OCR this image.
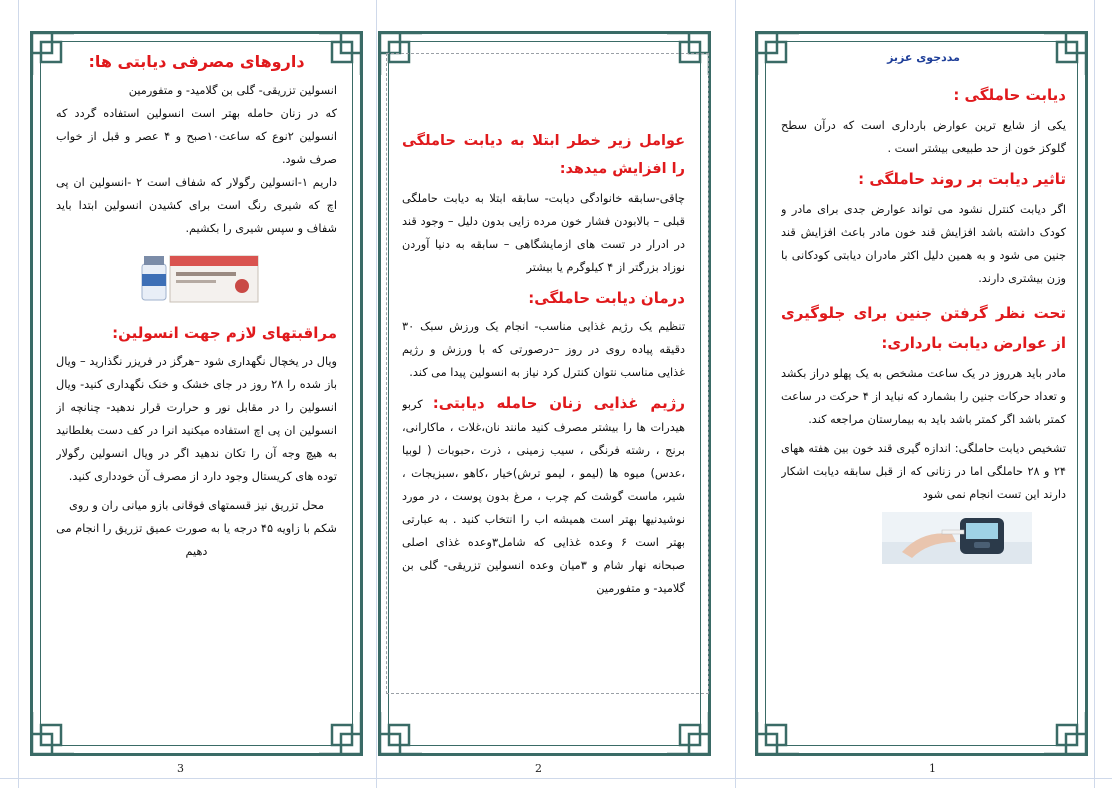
داروهای مصرفی دیابتی ها:
انسولین تزریقی- گلی بن گلامید- و متفورمین
که در زنان حامله بهتر است انسولین استفاده گردد که انسولین ۲نوع که ساعت۱۰صبح و ۴ عصر و قبل از خواب صرف شود.
داریم ۱-انسولین رگولار که شفاف است ۲ -انسولین ان پی اچ که شیری رنگ است برای کشیدن انسولین ابتدا باید شفاف و سپس شیری را بکشیم.
مراقبتهای لازم جهت انسولین:
ویال در یخچال نگهداری شود –هرگز در فریزر نگذارید – ویال باز شده را ۲۸ روز در جای خشک و خنک نگهداری کنید- ویال انسولین را در مقابل نور و حرارت قرار ندهید- چنانچه از انسولین ان پی اچ استفاده میکنید انرا در کف دست بغلطانید به هیچ وجه آن را تکان ندهید اگر در ویال انسولین رگولار توده های کریستال وجود دارد از مصرف آن خودداری کنید.
محل تزریق نیز قسمتهای فوقانی بازو میانی ران و روی شکم با زاویه ۴۵ درجه یا به صورت عمیق تزریق را انجام می دهیم
3
عوامل زیر خطر ابتلا به دیابت حاملگی را افزایش میدهد:
چاقی-سابقه خانوادگی دیابت- سابقه ابتلا به دیابت حاملگی قبلی – بالابودن فشار خون مرده زایی بدون دلیل – وجود قند در ادرار در تست های ازمایشگاهی – سابقه به دنیا آوردن نوزاد بزرگتر از ۴ کیلوگرم یا بیشتر
درمان دیابت حاملگی:
تنظیم یک رژیم غذایی مناسب- انجام یک ورزش سبک ۳۰ دقیقه پیاده روی در روز –درصورتی که با ورزش و رژیم غذایی مناسب نتوان کنترل کرد نیاز به انسولین پیدا می کند.
رژیم غذایی زنان حامله دیابتی: کربو هیدرات ها را بیشتر مصرف کنید مانند نان،غلات ، ماکارانی، برنج ، رشته فرنگی ، سیب زمینی ، ذرت ،حبوبات ( لوبیا ،عدس) میوه ها (لیمو ، لیمو ترش)خیار ،کاهو ،سبزیجات ، شیر، ماست گوشت کم چرب ، مرغ بدون پوست ، در مورد نوشیدنیها بهتر است همیشه اب را انتخاب کنید . به عبارتی بهتر است ۶ وعده غذایی که شامل۳وعده غذای اصلی صبحانه نهار شام و ۳میان وعده انسولین تزریقی- گلی بن گلامید- و متفورمین
2
مددجوی عزیز
دیابت حاملگی :
یکی از شایع ترین عوارض بارداری است که درآن سطح گلوکز خون از حد طبیعی بیشتر است .
تاثیر دیابت بر روند حاملگی :
اگر دیابت کنترل نشود می تواند عوارض جدی برای مادر و کودک داشته باشد افزایش قند خون مادر باعث افزایش قند جنین می شود و به همین دلیل اکثر مادران دیابتی کودکانی با وزن بیشتری دارند.
تحت نظر گرفتن جنین برای جلوگیری از عوارض دیابت بارداری:
مادر باید هرروز در یک ساعت مشخص به یک پهلو دراز بکشد و تعداد حرکات جنین را بشمارد که نباید از ۴ حرکت در ساعت کمتر باشد اگر کمتر باشد باید به بیمارستان مراجعه کند.
تشخیص دیابت حاملگی: اندازه گیری قند خون بین هفته ههای ۲۴ و ۲۸ حاملگی اما در زنانی که از قبل سابقه دیابت اشکار دارند این تست انجام نمی شود
1
